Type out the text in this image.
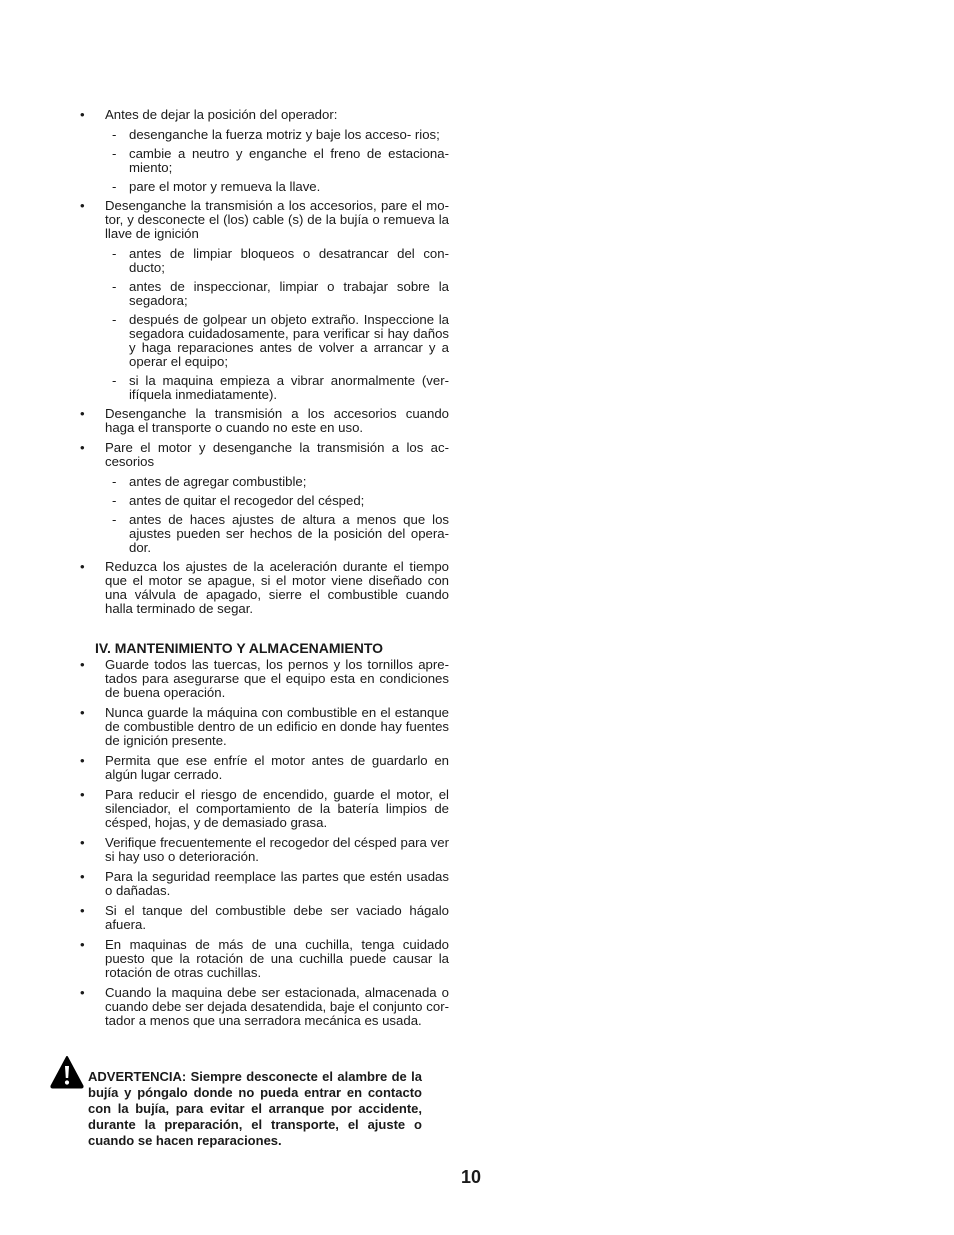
• Antes de dejar la posición del operador:
- desenganche la fuerza motriz y baje los acceso- rios;
- cambie a neutro y enganche el freno de estaciona- miento;
- pare el motor y remueva la llave.
• Desenganche la transmisión a los accesorios, pare el mo- tor, y desconecte el (los) cable (s) de la bujía o remueva la llave de ignición
- antes de limpiar bloqueos o desatrancar del con- ducto;
- antes de inspeccionar, limpiar o trabajar sobre la segadora;
- después de golpear un objeto extraño. Inspeccione la segadora cuidadosamente, para verificar si hay daños y haga reparaciones antes de volver a arrancar y a operar el equipo;
- si la maquina empieza a vibrar anormalmente (ver- ifíquela inmediatamente).
• Desenganche la transmisión a los accesorios cuando haga el transporte o cuando no este en uso.
• Pare el motor y desenganche la transmisión a los ac- cesorios
- antes de agregar combustible;
- antes de quitar el recogedor del césped;
- antes de haces ajustes de altura a menos que los ajustes pueden ser hechos de la posición del opera- dor.
• Reduzca los ajustes de la aceleración durante el tiempo que el motor se apague, si el motor viene diseñado con una válvula de apagado, sierre el combustible cuando halla terminado de segar.
IV. MANTENIMIENTO Y ALMACENAMIENTO
• Guarde todos las tuercas, los pernos y los tornillos apre- tados para asegurarse que el equipo esta en condiciones de buena operación.
• Nunca guarde la máquina con combustible en el estanque de combustible dentro de un edificio en donde hay fuentes de ignición presente.
• Permita que ese enfríe el motor antes de guardarlo en algún lugar cerrado.
• Para reducir el riesgo de encendido, guarde el motor, el silenciador, el comportamiento de la batería limpios de césped, hojas, y de demasiado grasa.
• Verifique frecuentemente el recogedor del césped para ver si hay uso o deterioración.
• Para la seguridad reemplace las partes que estén usadas o dañadas.
• Si el tanque del combustible debe ser vaciado hágalo afuera.
• En maquinas de más de una cuchilla, tenga cuidado puesto que la rotación de una cuchilla puede causar la rotación de otras cuchillas.
• Cuando la maquina debe ser estacionada, almacenada o cuando debe ser dejada desatendida, baje el conjunto cor- tador a menos que una serradora mecánica es usada.
ADVERTENCIA: Siempre desconecte el alambre de la bujía y póngalo donde no pueda entrar en contacto con la bujía, para evitar el arranque por accidente, durante la preparación, el transporte, el ajuste o cuando se hacen reparaciones.
10
